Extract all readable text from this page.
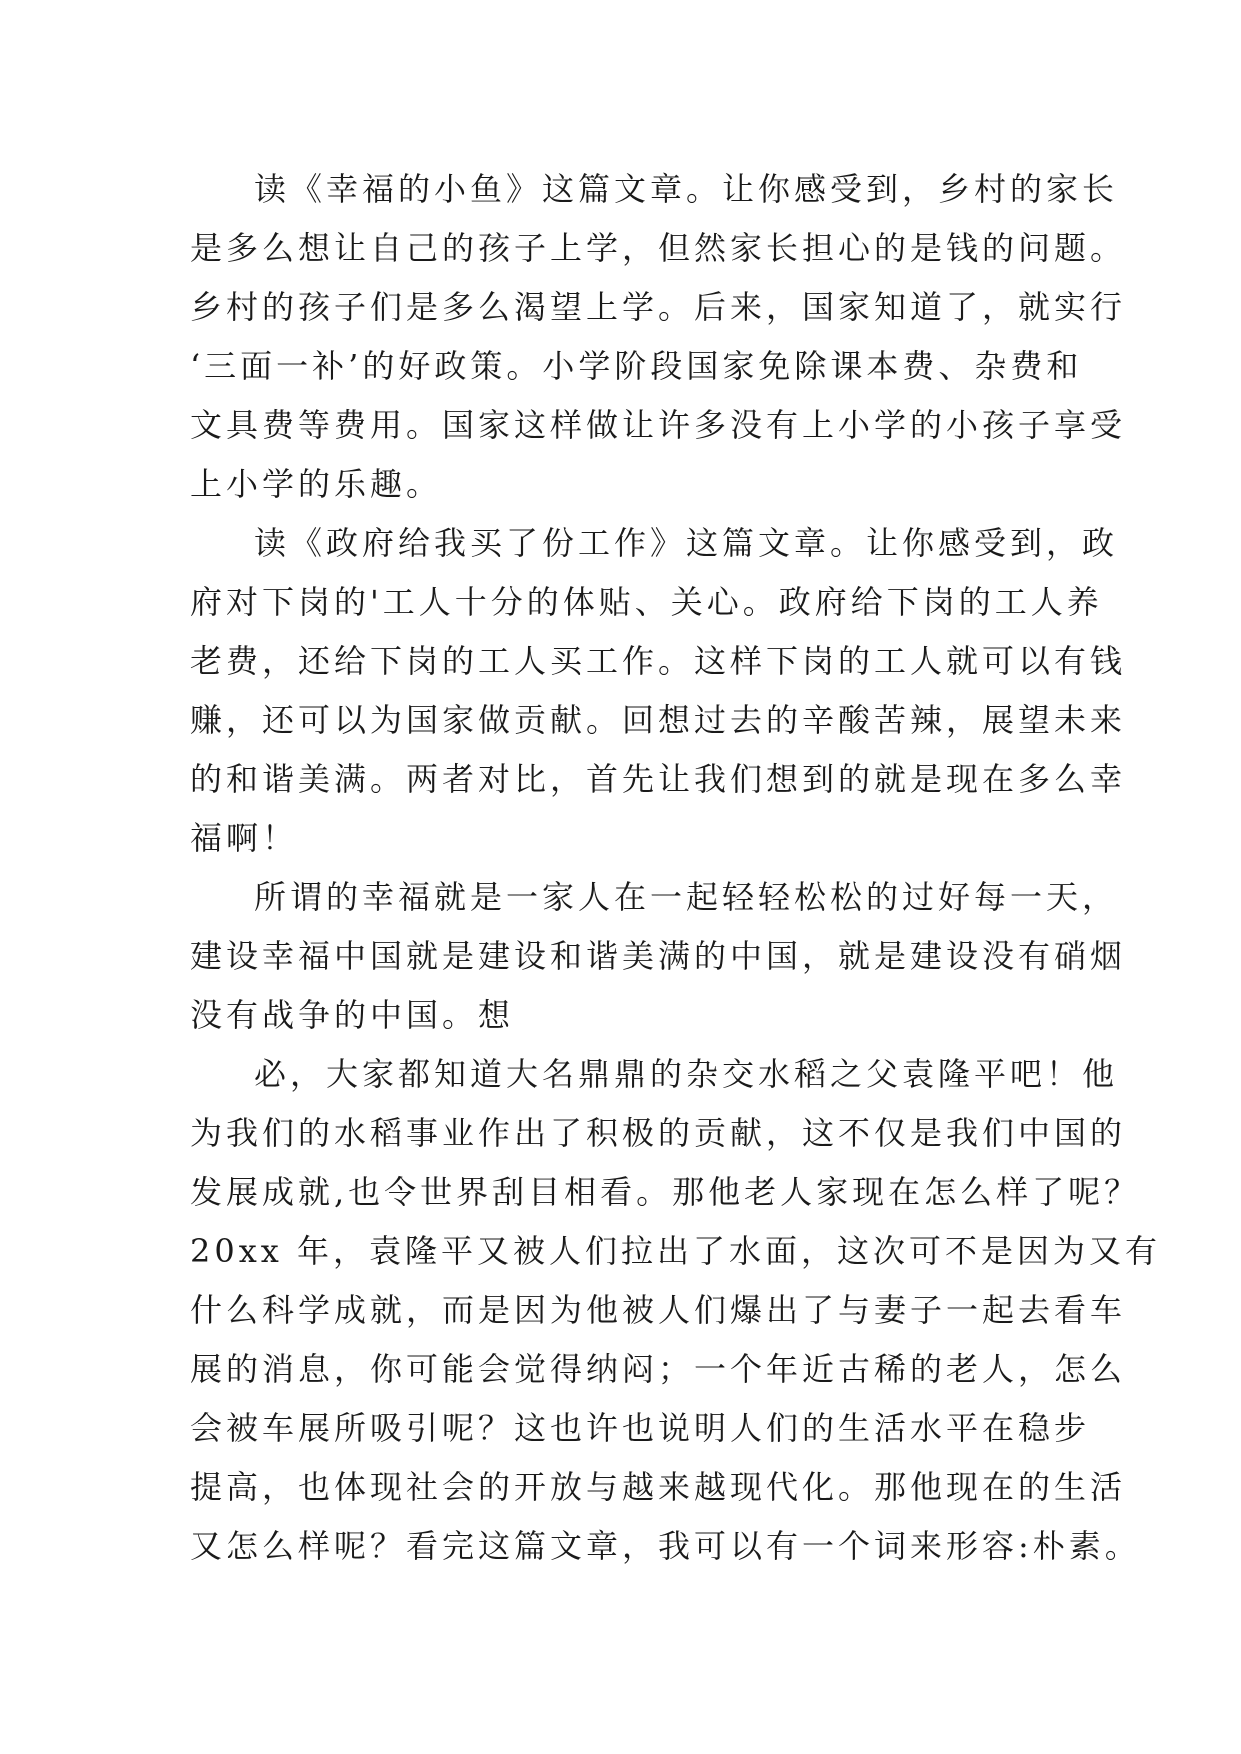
读《幸福的小鱼》这篇文章。让你感受到，乡村的家长
是多么想让自己的孩子上学，但然家长担心的是钱的问题。
乡村的孩子们是多么渴望上学。后来，国家知道了，就实行
‘三面一补’的好政策。小学阶段国家免除课本费、杂费和
文具费等费用。国家这样做让许多没有上小学的小孩子享受
上小学的乐趣。
读《政府给我买了份工作》这篇文章。让你感受到，政
府对下岗的'工人十分的体贴、关心。政府给下岗的工人养
老费，还给下岗的工人买工作。这样下岗的工人就可以有钱
赚，还可以为国家做贡献。回想过去的辛酸苦辣，展望未来
的和谐美满。两者对比，首先让我们想到的就是现在多么幸
福啊！
所谓的幸福就是一家人在一起轻轻松松的过好每一天，
建设幸福中国就是建设和谐美满的中国，就是建设没有硝烟
没有战争的中国。想
必，大家都知道大名鼎鼎的杂交水稻之父袁隆平吧！他
为我们的水稻事业作出了积极的贡献，这不仅是我们中国的
发展成就,也令世界刮目相看。那他老人家现在怎么样了呢？
20xx 年，袁隆平又被人们拉出了水面，这次可不是因为又有
什么科学成就，而是因为他被人们爆出了与妻子一起去看车
展的消息，你可能会觉得纳闷；一个年近古稀的老人，怎么
会被车展所吸引呢？这也许也说明人们的生活水平在稳步
提高，也体现社会的开放与越来越现代化。那他现在的生活
又怎么样呢？看完这篇文章，我可以有一个词来形容:朴素。
